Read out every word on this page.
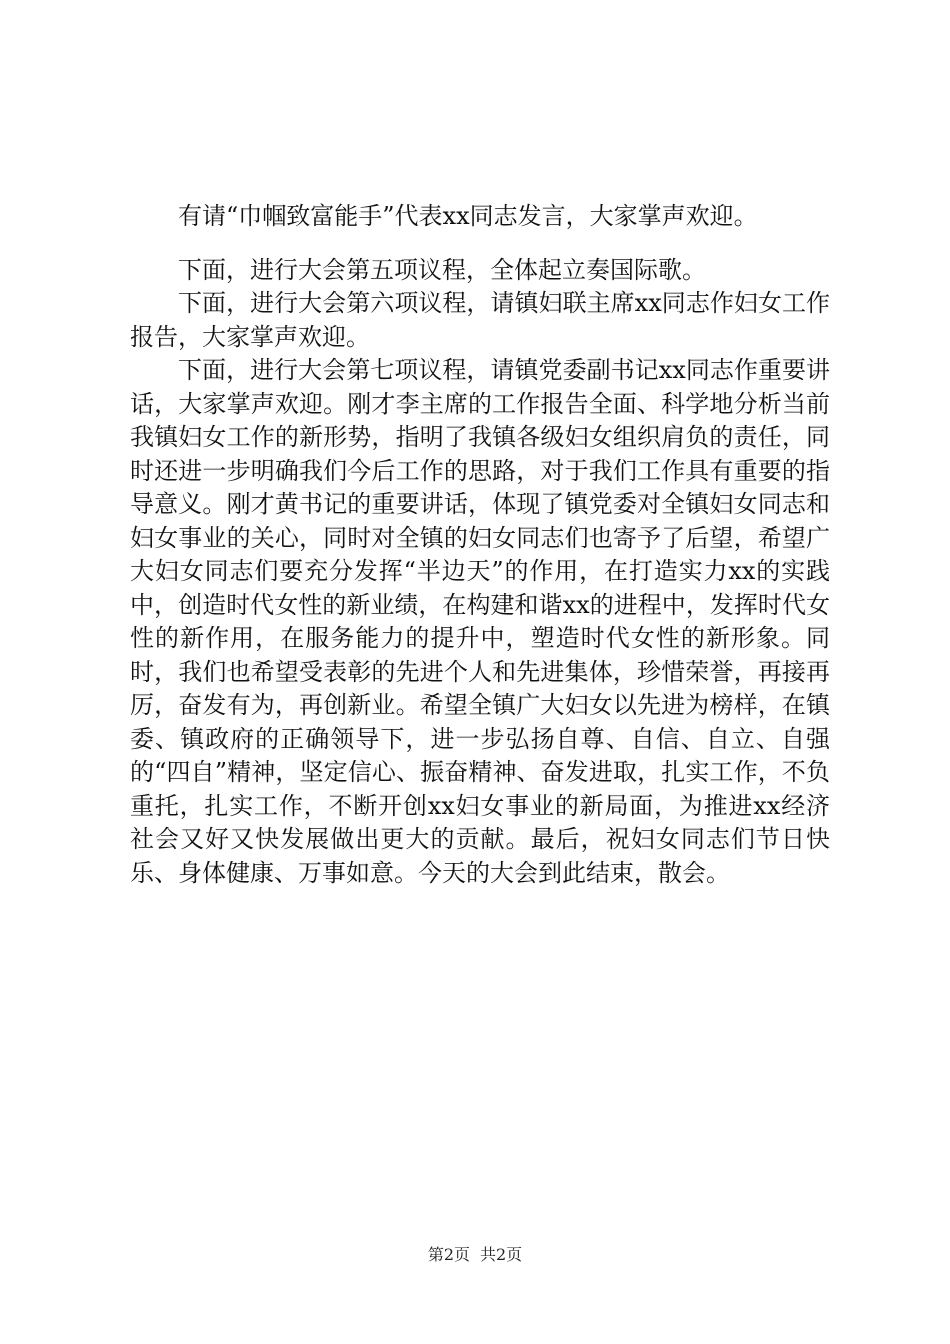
有请“巾帼致富能手”代表xx同志发言，大家掌声欢迎。

下面，进行大会第五项议程，全体起立奏国际歌。

下面，进行大会第六项议程，请镇妇联主席xx同志作妇女工作报告，大家掌声欢迎。

下面，进行大会第七项议程，请镇党委副书记xx同志作重要讲话，大家掌声欢迎。刚才李主席的工作报告全面、科学地分析当前我镇妇女工作的新形势，指明了我镇各级妇女组织肩负的责任，同时还进一步明确我们今后工作的思路，对于我们工作具有重要的指导意义。刚才黄书记的重要讲话，体现了镇党委对全镇妇女同志和妇女事业的关心，同时对全镇的妇女同志们也寄予了后望，希望广大妇女同志们要充分发挥“半边天”的作用，在打造实力xx的实践中，创造时代女性的新业绩，在构建和谐xx的进程中，发挥时代女性的新作用，在服务能力的提升中，塑造时代女性的新形象。同时，我们也希望受表彰的先进个人和先进集体，珍惜荣誉，再接再厉，奋发有为，再创新业。希望全镇广大妇女以先进为榜样，在镇委、镇政府的正确领导下，进一步弘扬自尊、自信、自立、自强的“四自”精神，坚定信心、振奋精神、奋发进取，扎实工作，不负重托，扎实工作，不断开创xx妇女事业的新局面，为推进xx经济社会又好又快发展做出更大的贡献。最后，祝妇女同志们节日快乐、身体健康、万事如意。今天的大会到此结束，散会。

第2页 共2页
